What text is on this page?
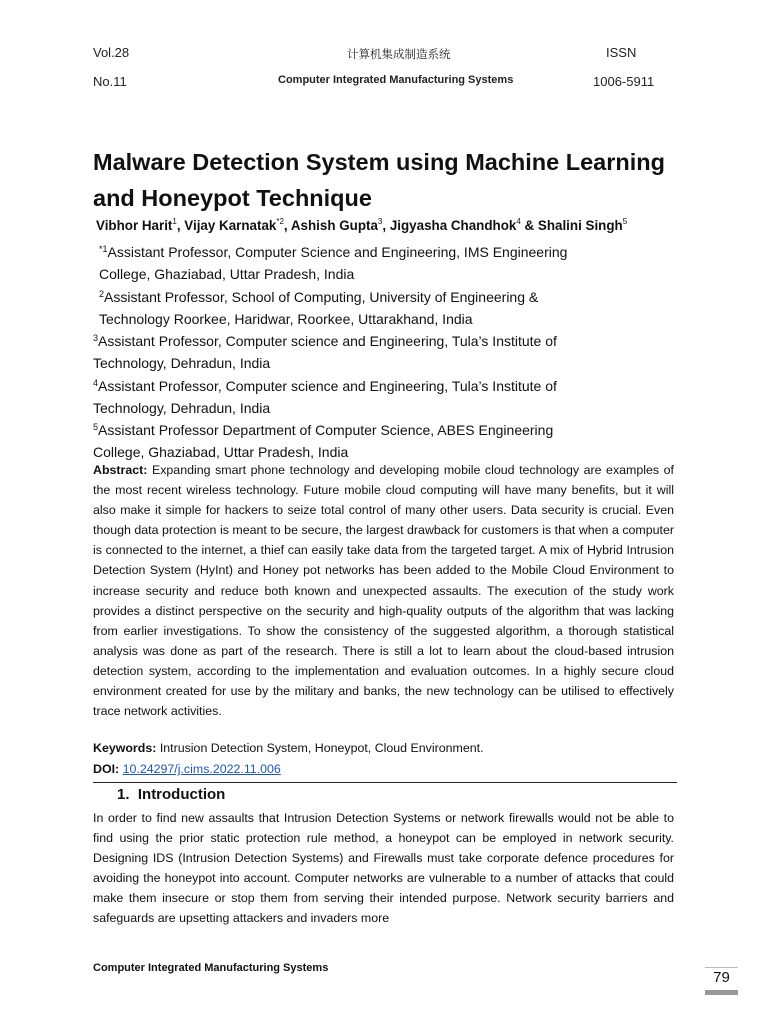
Vol.28	计算机集成制造系统	ISSN
No.11	Computer Integrated Manufacturing Systems	1006-5911
Malware Detection System using Machine Learning
and Honeypot Technique

Vibhor Harit$^1$, Vijay Karnatak$^{*2}$, Ashish Gupta$^3$, Jigyasha Chandhok$^4$ & Shalini Singh$^5$

$^{*1}$Assistant Professor, Computer Science and Engineering, IMS Engineering
College, Ghaziabad, Uttar Pradesh, India

$^2$Assistant Professor, School of Computing, University of Engineering &
Technology Roorkee, Haridwar, Roorkee, Uttarakhand, India

$^3$Assistant Professor, Computer science and Engineering, Tula’s Institute of
Technology, Dehradun, India

$^4$Assistant Professor, Computer science and Engineering, Tula’s Institute of
Technology, Dehradun, India

$^5$Assistant Professor Department of Computer Science, ABES Engineering
College, Ghaziabad, Uttar Pradesh, India

Abstract: Expanding smart phone technology and developing mobile cloud technology are examples of the most recent wireless technology. Future mobile cloud computing will have many benefits, but it will also make it simple for hackers to seize total control of many other users. Data security is crucial. Even though data protection is meant to be secure, the largest drawback for customers is that when a computer is connected to the internet, a thief can easily take data from the targeted target. A mix of Hybrid Intrusion Detection System (HyInt) and Honey pot networks has been added to the Mobile Cloud Environment to increase security and reduce both known and unexpected assaults. The execution of the study work provides a distinct perspective on the security and high-quality outputs of the algorithm that was lacking from earlier investigations. To show the consistency of the suggested algorithm, a thorough statistical analysis was done as part of the research. There is still a lot to learn about the cloud-based intrusion detection system, according to the implementation and evaluation outcomes. In a highly secure cloud environment created for use by the military and banks, the new technology can be utilised to effectively trace network activities.

Keywords: Intrusion Detection System, Honeypot, Cloud Environment.

DOI: 10.24297/j.cims.2022.11.006

1. Introduction

In order to find new assaults that Intrusion Detection Systems or network firewalls would not be able to find using the prior static protection rule method, a honeypot can be employed in network security. Designing IDS (Intrusion Detection Systems) and Firewalls must take corporate defence procedures for avoiding the honeypot into account. Computer networks are vulnerable to a number of attacks that could make them insecure or stop them from serving their intended purpose. Network security barriers and safeguards are upsetting attackers and invaders more

Computer Integrated Manufacturing Systems
79
